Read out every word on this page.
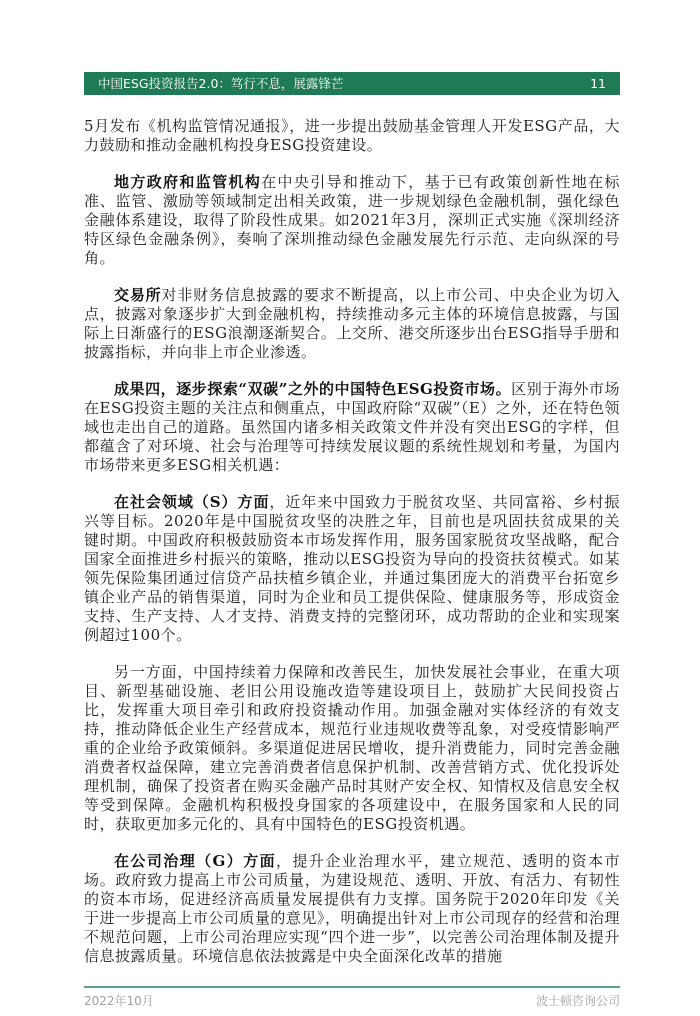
中国ESG投资报告2.0：笃行不息，展露锋芒	11

5月发布《机构监管情况通报》，进一步提出鼓励基金管理人开发ESG产品，大力鼓励和推动金融机构投身ESG投资建设。

地方政府和监管机构在中央引导和推动下，基于已有政策创新性地在标准、监管、激励等领域制定出相关政策，进一步规划绿色金融机制，强化绿色金融体系建设，取得了阶段性成果。如2021年3月，深圳正式实施《深圳经济特区绿色金融条例》，奏响了深圳推动绿色金融发展先行示范、走向纵深的号角。

交易所对非财务信息披露的要求不断提高，以上市公司、中央企业为切入点，披露对象逐步扩大到金融机构，持续推动多元主体的环境信息披露，与国际上日渐盛行的ESG浪潮逐渐契合。上交所、港交所逐步出台ESG指导手册和披露指标，并向非上市企业渗透。

成果四，逐步探索“双碳”之外的中国特色ESG投资市场。区别于海外市场在ESG投资主题的关注点和侧重点，中国政府除“双碳”（E）之外，还在特色领域也走出自己的道路。虽然国内诸多相关政策文件并没有突出ESG的字样，但都蕴含了对环境、社会与治理等可持续发展议题的系统性规划和考量，为国内市场带来更多ESG相关机遇：

在社会领域（S）方面，近年来中国致力于脱贫攻坚、共同富裕、乡村振兴等目标。2020年是中国脱贫攻坚的决胜之年，目前也是巩固扶贫成果的关键时期。中国政府积极鼓励资本市场发挥作用，服务国家脱贫攻坚战略，配合国家全面推进乡村振兴的策略，推动以ESG投资为导向的投资扶贫模式。如某领先保险集团通过信贷产品扶植乡镇企业，并通过集团庞大的消费平台拓宽乡镇企业产品的销售渠道，同时为企业和员工提供保险、健康服务等，形成资金支持、生产支持、人才支持、消费支持的完整闭环，成功帮助的企业和实现案例超过100个。

另一方面，中国持续着力保障和改善民生，加快发展社会事业，在重大项目、新型基础设施、老旧公用设施改造等建设项目上，鼓励扩大民间投资占比，发挥重大项目牵引和政府投资撬动作用。加强金融对实体经济的有效支持，推动降低企业生产经营成本，规范行业违规收费等乱象，对受疫情影响严重的企业给予政策倾斜。多渠道促进居民增收，提升消费能力，同时完善金融消费者权益保障，建立完善消费者信息保护机制、改善营销方式、优化投诉处理机制，确保了投资者在购买金融产品时其财产安全权、知情权及信息安全权等受到保障。金融机构积极投身国家的各项建设中，在服务国家和人民的同时，获取更加多元化的、具有中国特色的ESG投资机遇。

在公司治理（G）方面，提升企业治理水平，建立规范、透明的资本市场。政府致力提高上市公司质量，为建设规范、透明、开放、有活力、有韧性的资本市场，促进经济高质量发展提供有力支撑。国务院于2020年印发《关于进一步提高上市公司质量的意见》，明确提出针对上市公司现存的经营和治理不规范问题，上市公司治理应实现“四个进一步”，以完善公司治理体制及提升信息披露质量。环境信息依法披露是中央全面深化改革的措施

2022年10月	波士顿咨询公司
